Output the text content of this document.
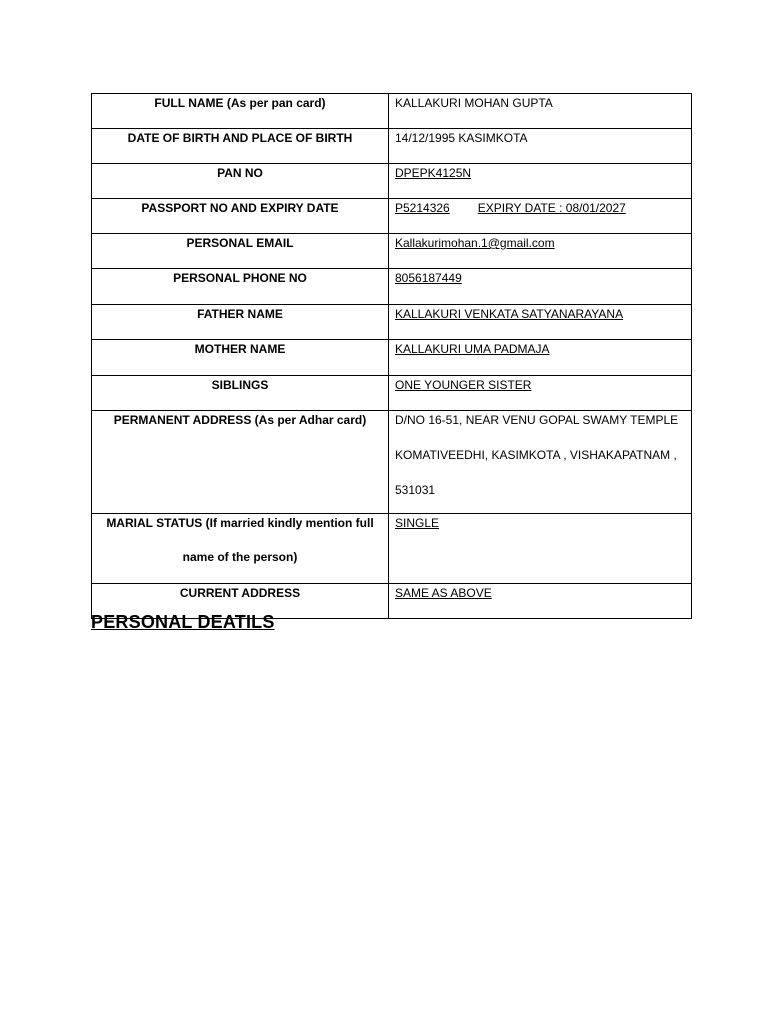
FULL NAME (As per pan card)	KALLAKURI MOHAN GUPTA

DATE OF BIRTH AND PLACE OF BIRTH	14/12/1995 KASIMKOTA

PAN NO	DPEPK4125N

PASSPORT NO AND EXPIRY DATE	P5214326 EXPIRY DATE : 08/01/2027

PERSONAL EMAIL	Kallakurimohan.1@gmail.com

PERSONAL PHONE NO	8056187449

FATHER NAME	KALLAKURI VENKATA SATYANARAYANA

MOTHER NAME	KALLAKURI UMA PADMAJA

SIBLINGS	ONE YOUNGER SISTER

PERMANENT ADDRESS (As per Adhar card)	D/NO 16-51, NEAR VENU GOPAL SWAMY TEMPLE
KOMATIVEEDHI, KASIMKOTA , VISHAKAPATNAM ,
531031

MARIAL STATUS (If married kindly mention full
name of the person)	SINGLE

CURRENT ADDRESS	SAME AS ABOVE
PERSONAL DEATILS
